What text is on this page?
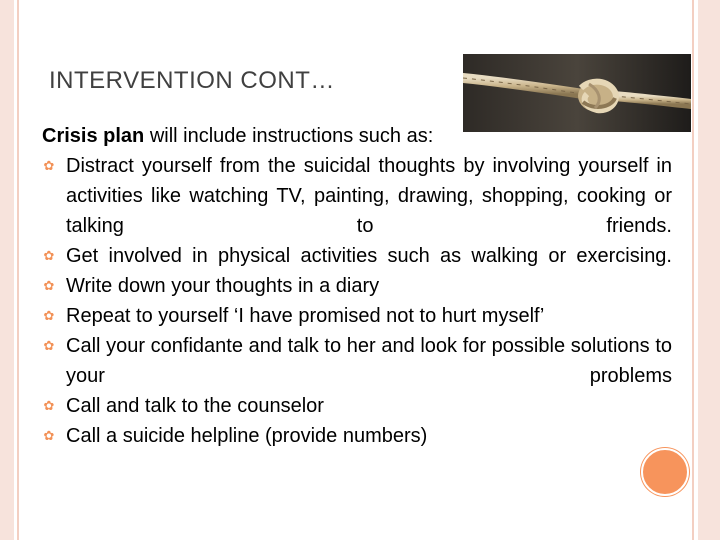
INTERVENTION CONT…

Crisis plan will include instructions such as:

✿ Distract yourself from the suicidal thoughts by involving yourself in activities like watching TV, painting, drawing, shopping, cooking or talking to friends.
✿ Get involved in physical activities such as walking or exercising.
✿ Write down your thoughts in a diary
✿ Repeat to yourself ‘I have promised not to hurt myself’
✿ Call your confidante and talk to her and look for possible solutions to your problems
✿ Call and talk to the counselor
✿ Call a suicide helpline (provide numbers)
